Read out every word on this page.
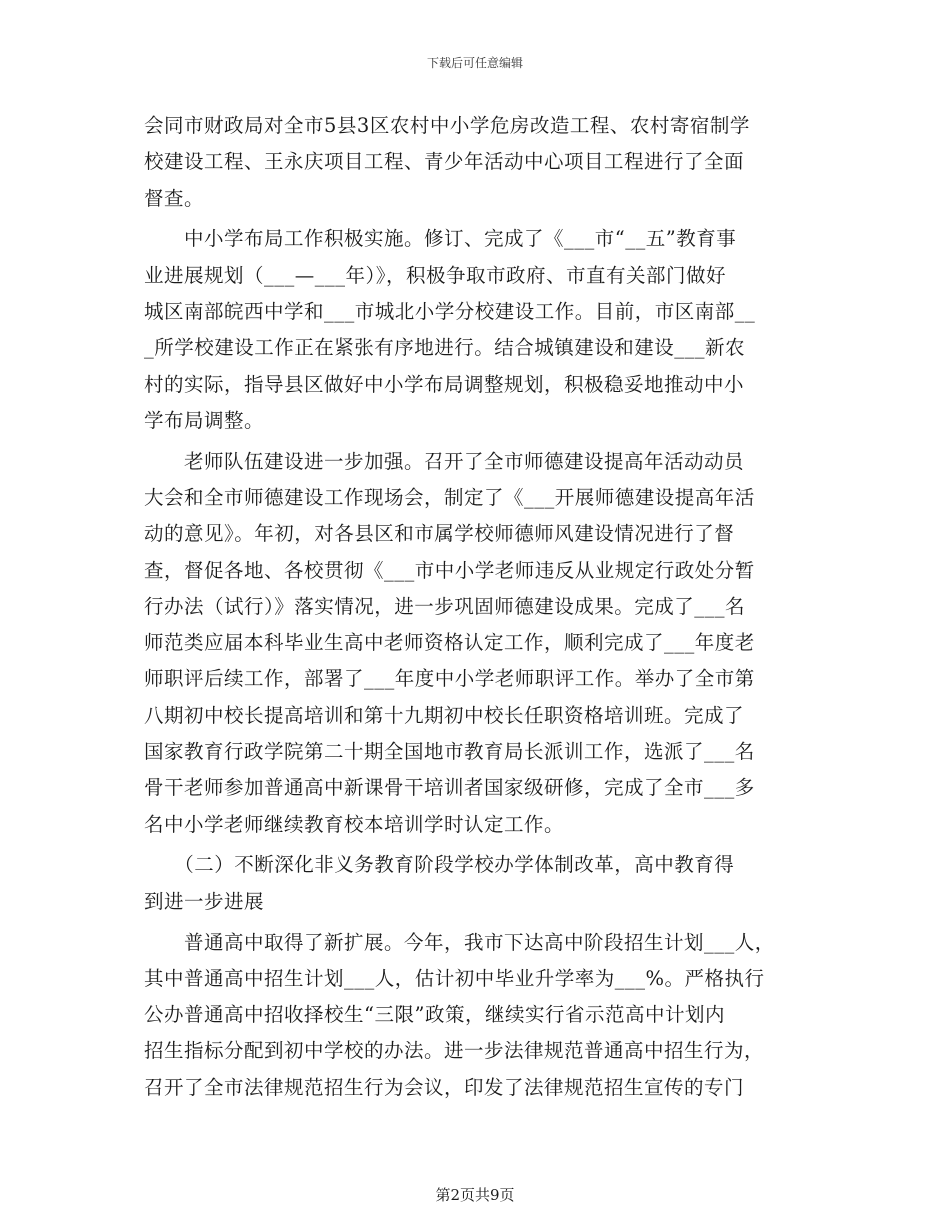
下载后可任意编辑
会同市财政局对全市5县3区农村中小学危房改造工程、农村寄宿制学
校建设工程、王永庆项目工程、青少年活动中心项目工程进行了全面
督查。
　　中小学布局工作积极实施。修订、完成了《___市“__五”教育事
业进展规划（___—___年）》，积极争取市政府、市直有关部门做好
城区南部皖西中学和___市城北小学分校建设工作。目前，市区南部__
_所学校建设工作正在紧张有序地进行。结合城镇建设和建设___新农
村的实际，指导县区做好中小学布局调整规划，积极稳妥地推动中小
学布局调整。
　　老师队伍建设进一步加强。召开了全市师德建设提高年活动动员
大会和全市师德建设工作现场会，制定了《___开展师德建设提高年活
动的意见》。年初，对各县区和市属学校师德师风建设情况进行了督
查，督促各地、各校贯彻《___市中小学老师违反从业规定行政处分暂
行办法（试行）》落实情况，进一步巩固师德建设成果。完成了___名
师范类应届本科毕业生高中老师资格认定工作，顺利完成了___年度老
师职评后续工作，部署了___年度中小学老师职评工作。举办了全市第
八期初中校长提高培训和第十九期初中校长任职资格培训班。完成了
国家教育行政学院第二十期全国地市教育局长派训工作，选派了___名
骨干老师参加普通高中新课骨干培训者国家级研修，完成了全市___多
名中小学老师继续教育校本培训学时认定工作。
　　（二）不断深化非义务教育阶段学校办学体制改革，高中教育得
到进一步进展
　　普通高中取得了新扩展。今年，我市下达高中阶段招生计划___人，
其中普通高中招生计划___人，估计初中毕业升学率为___%。严格执行
公办普通高中招收择校生“三限”政策，继续实行省示范高中计划内
招生指标分配到初中学校的办法。进一步法律规范普通高中招生行为，
召开了全市法律规范招生行为会议，印发了法律规范招生宣传的专门
第2页共9页
